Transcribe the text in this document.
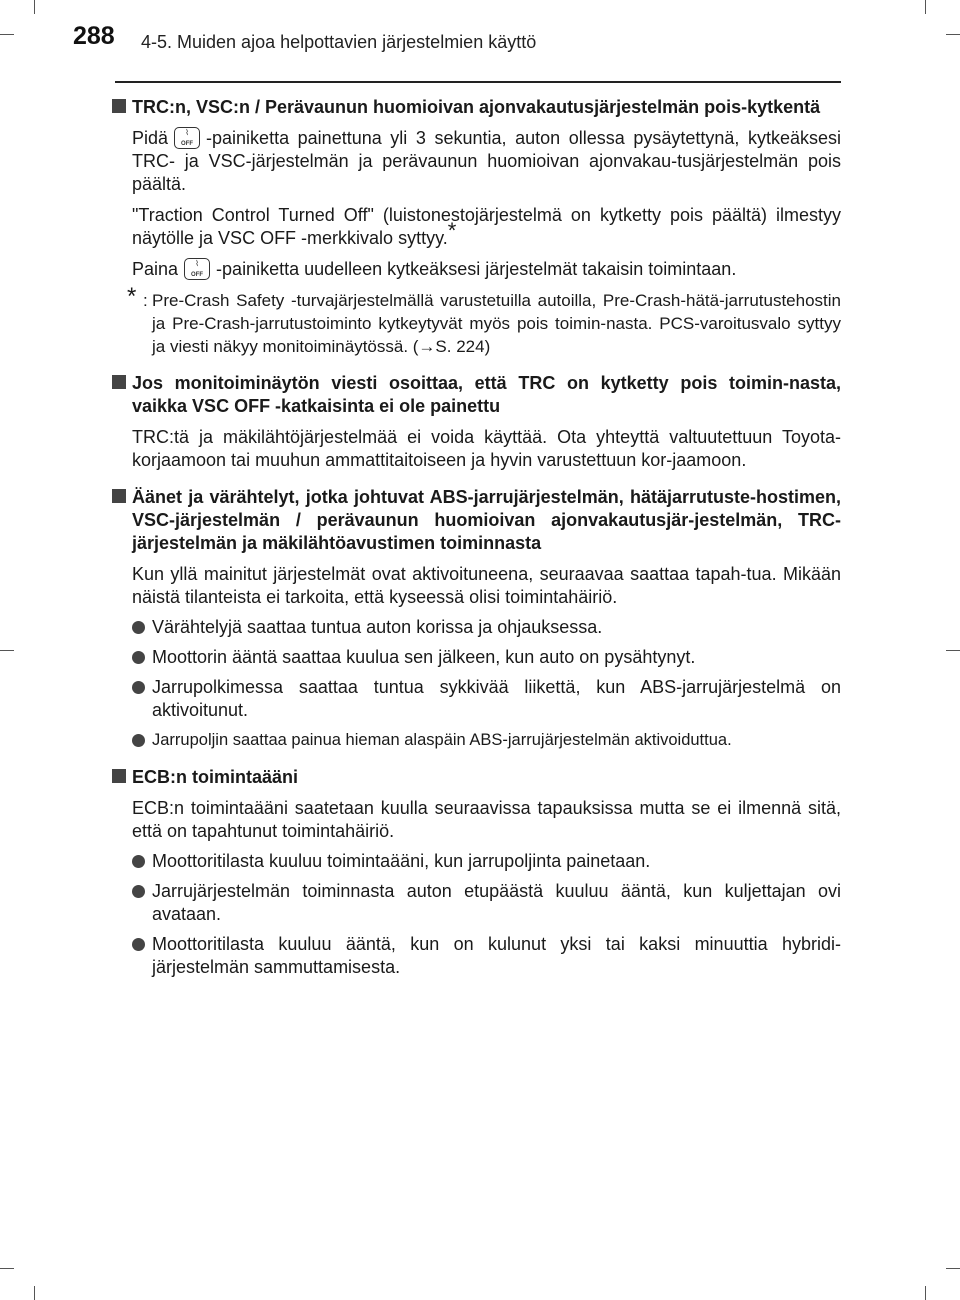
288 4-5. Muiden ajoa helpottavien järjestelmien käyttö
TRC:n, VSC:n / Perävaunun huomioivan ajonvakautusjärjestelmän pois-kytkentä
Pidä	⌇
OFF -painiketta painettuna yli 3 sekuntia, auton ollessa pysäytettynä, kytkeäksesi TRC- ja VSC-järjestelmän ja perävaunun huomioivan ajonvakau-tusjärjestelmän pois päältä.
"Traction Control Turned Off" (luistonestojärjestelmä on kytketty pois päältä) ilmestyy näytölle ja VSC OFF -merkkivalo syttyy.*
Paina	⌇
OFF -painiketta uudelleen kytkeäksesi järjestelmät takaisin toimintaan.
* : Pre-Crash Safety -turvajärjestelmällä varustetuilla autoilla, Pre-Crash-hätä-jarrutustehostin ja Pre-Crash-jarrutustoiminto kytkeytyvät myös pois toimin-nasta. PCS-varoitusvalo syttyy ja viesti näkyy monitoiminäytössä. (→S. 224)
Jos monitoiminäytön viesti osoittaa, että TRC on kytketty pois toimin-nasta, vaikka VSC OFF -katkaisinta ei ole painettu
TRC:tä ja mäkilähtöjärjestelmää ei voida käyttää. Ota yhteyttä valtuutettuun Toyota-korjaamoon tai muuhun ammattitaitoiseen ja hyvin varustettuun kor-jaamoon.
Äänet ja värähtelyt, jotka johtuvat ABS-jarrujärjestelmän, hätäjarrutuste-hostimen, VSC-järjestelmän / perävaunun huomioivan ajonvakautusjär-jestelmän, TRC-järjestelmän ja mäkilähtöavustimen toiminnasta
Kun yllä mainitut järjestelmät ovat aktivoituneena, seuraavaa saattaa tapah-tua. Mikään näistä tilanteista ei tarkoita, että kyseessä olisi toimintahäiriö.
Värähtelyjä saattaa tuntua auton korissa ja ohjauksessa.
Moottorin ääntä saattaa kuulua sen jälkeen, kun auto on pysähtynyt.
Jarrupolkimessa saattaa tuntua sykkivää liikettä, kun ABS-jarrujärjestelmä on aktivoitunut.
Jarrupoljin saattaa painua hieman alaspäin ABS-jarrujärjestelmän aktivoiduttua.
ECB:n toimintaääni
ECB:n toimintaääni saatetaan kuulla seuraavissa tapauksissa mutta se ei ilmennä sitä, että on tapahtunut toimintahäiriö.
Moottoritilasta kuuluu toimintaääni, kun jarrupoljinta painetaan.
Jarrujärjestelmän toiminnasta auton etupäästä kuuluu ääntä, kun kuljettajan ovi avataan.
Moottoritilasta kuuluu ääntä, kun on kulunut yksi tai kaksi minuuttia hybridi-järjestelmän sammuttamisesta.
